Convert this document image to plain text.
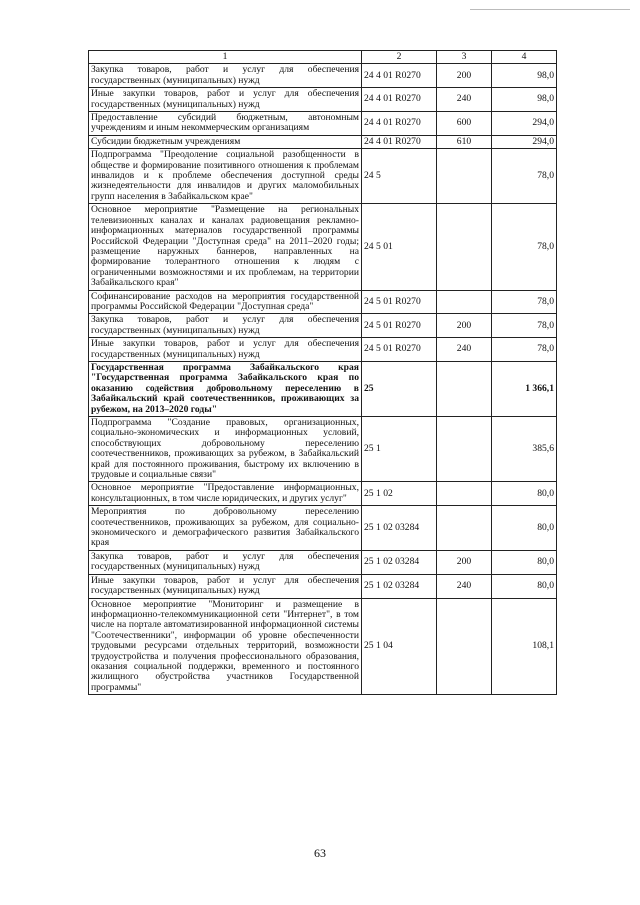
1	2	3	4
Закупка товаров, работ и услуг для обеспечения государственных (муниципальных) нужд	24 4 01 R0270	200	98,0
Иные закупки товаров, работ и услуг для обеспечения государственных (муниципальных) нужд	24 4 01 R0270	240	98,0
Предоставление субсидий бюджетным, автономным учреждениям и иным некоммерческим организациям	24 4 01 R0270	600	294,0
Субсидии бюджетным учреждениям	24 4 01 R0270	610	294,0
Подпрограмма "Преодоление социальной разобщенности в обществе и формирование позитивного отношения к проблемам инвалидов и к проблеме обеспечения доступной среды жизнедеятельности для инвалидов и других маломобильных групп населения в Забайкальском крае"	24 5		78,0
Основное мероприятие "Размещение на региональных телевизионных каналах и каналах радиовещания рекламно-информационных материалов государственной программы Российской Федерации "Доступная среда" на 2011–2020 годы; размещение наружных баннеров, направленных на формирование толерантного отношения к людям с ограниченными возможностями и их проблемам, на территории Забайкальского края"	24 5 01		78,0
Софинансирование расходов на мероприятия государственной программы Российской Федерации "Доступная среда"	24 5 01 R0270		78,0
Закупка товаров, работ и услуг для обеспечения государственных (муниципальных) нужд	24 5 01 R0270	200	78,0
Иные закупки товаров, работ и услуг для обеспечения государственных (муниципальных) нужд	24 5 01 R0270	240	78,0
Государственная программа Забайкальского края "Государственная программа Забайкальского края по оказанию содействия добровольному переселению в Забайкальский край соотечественников, проживающих за рубежом, на 2013–2020 годы"	25		1 366,1
Подпрограмма "Создание правовых, организационных, социально-экономических и информационных условий, способствующих добровольному переселению соотечественников, проживающих за рубежом, в Забайкальский край для постоянного проживания, быстрому их включению в трудовые и социальные связи"	25 1		385,6
Основное мероприятие "Предоставление информационных, консультационных, в том числе юридических, и других услуг"	25 1 02		80,0
Мероприятия по добровольному переселению соотечественников, проживающих за рубежом, для социально-экономического и демографического развития Забайкальского края	25 1 02 03284		80,0
Закупка товаров, работ и услуг для обеспечения государственных (муниципальных) нужд	25 1 02 03284	200	80,0
Иные закупки товаров, работ и услуг для обеспечения государственных (муниципальных) нужд	25 1 02 03284	240	80,0
Основное мероприятие "Мониторинг и размещение в информационно-телекоммуникационной сети "Интернет", в том числе на портале автоматизированной информационной системы "Соотечественники", информации об уровне обеспеченности трудовыми ресурсами отдельных территорий, возможности трудоустройства и получения профессионального образования, оказания социальной поддержки, временного и постоянного жилищного обустройства участников Государственной программы"	25 1 04		108,1
63
